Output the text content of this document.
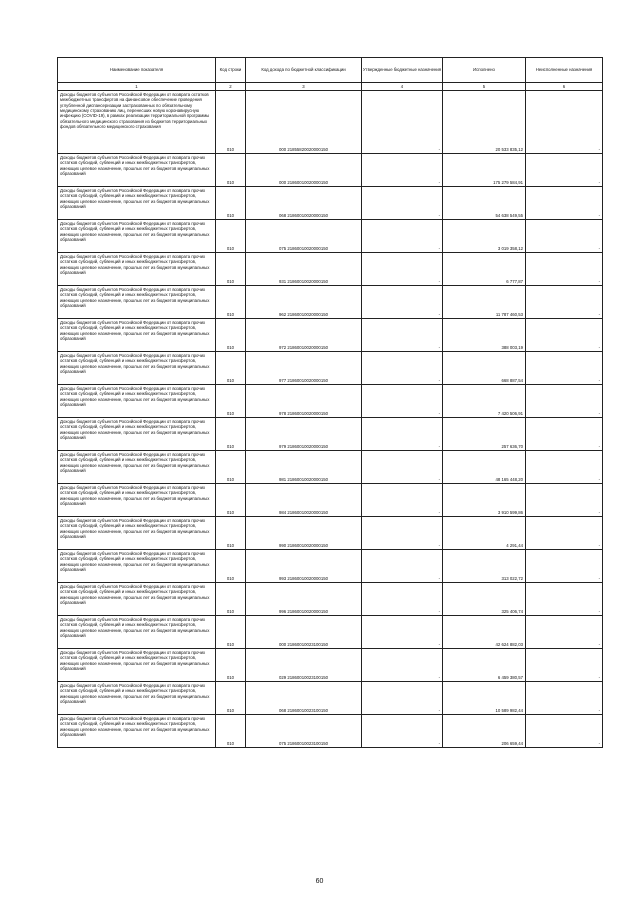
Наименование показателя	Код строки	Код дохода по бюджетной классификации	Утвержденные бюджетные назначения	Исполнено	Неисполненные назначения
1	2	3	4	5	6
Доходы бюджетов субъектов Российской Федерации от возврата остатков межбюджетных трансфертов на финансовое обеспечение проведения углубленной диспансеризации застрахованных по обязательному медицинскому страхованию лиц, перенесших новую коронавирусную инфекцию (COVID-19), в рамках реализации территориальной программы обязательного медицинского страхования из бюджетов территориальных фондов обязательного медицинского страхования	010	000 21855820020000150	-	20 533 835,12	-
Доходы бюджетов субъектов Российской Федерации от возврата прочих остатков субсидий, субвенций и иных межбюджетных трансфертов, имеющих целевое назначение, прошлых лет из бюджетов муниципальных образований	010	000 21860010020000150	-	175 279 584,91	-
Доходы бюджетов субъектов Российской Федерации от возврата прочих остатков субсидий, субвенций и иных межбюджетных трансфертов, имеющих целевое назначение, прошлых лет из бюджетов муниципальных образований	010	068 21860010020000150	-	54 638 549,55	-
Доходы бюджетов субъектов Российской Федерации от возврата прочих остатков субсидий, субвенций и иных межбюджетных трансфертов, имеющих целевое назначение, прошлых лет из бюджетов муниципальных образований	010	075 21860010020000150	-	3 019 358,12	-
Доходы бюджетов субъектов Российской Федерации от возврата прочих остатков субсидий, субвенций и иных межбюджетных трансфертов, имеющих целевое назначение, прошлых лет из бюджетов муниципальных образований	010	931 21860010020000150	-	6 777,87	-
Доходы бюджетов субъектов Российской Федерации от возврата прочих остатков субсидий, субвенций и иных межбюджетных трансфертов, имеющих целевое назначение, прошлых лет из бюджетов муниципальных образований	010	962 21860010020000150	-	11 787 460,53	-
Доходы бюджетов субъектов Российской Федерации от возврата прочих остатков субсидий, субвенций и иных межбюджетных трансфертов, имеющих целевое назначение, прошлых лет из бюджетов муниципальных образований	010	972 21860010020000150	-	388 003,19	-
Доходы бюджетов субъектов Российской Федерации от возврата прочих остатков субсидий, субвенций и иных межбюджетных трансфертов, имеющих целевое назначение, прошлых лет из бюджетов муниципальных образований	010	977 21860010020000150	-	668 887,54	-
Доходы бюджетов субъектов Российской Федерации от возврата прочих остатков субсидий, субвенций и иных межбюджетных трансфертов, имеющих целевое назначение, прошлых лет из бюджетов муниципальных образований	010	978 21860010020000150	-	7 420 506,91	-
Доходы бюджетов субъектов Российской Федерации от возврата прочих остатков субсидий, субвенций и иных межбюджетных трансфертов, имеющих целевое назначение, прошлых лет из бюджетов муниципальных образований	010	979 21860010020000150	-	257 636,70	-
Доходы бюджетов субъектов Российской Федерации от возврата прочих остатков субсидий, субвенций и иных межбюджетных трансфертов, имеющих целевое назначение, прошлых лет из бюджетов муниципальных образований	010	981 21860010020000150	-	48 165 448,20	-
Доходы бюджетов субъектов Российской Федерации от возврата прочих остатков субсидий, субвенций и иных межбюджетных трансфертов, имеющих целевое назначение, прошлых лет из бюджетов муниципальных образований	010	984 21860010020000150	-	3 910 599,86	-
Доходы бюджетов субъектов Российской Федерации от возврата прочих остатков субсидий, субвенций и иных межбюджетных трансфертов, имеющих целевое назначение, прошлых лет из бюджетов муниципальных образований	010	990 21860010020000150	-	4 291,44	-
Доходы бюджетов субъектов Российской Федерации от возврата прочих остатков субсидий, субвенций и иных межбюджетных трансфертов, имеющих целевое назначение, прошлых лет из бюджетов муниципальных образований	010	993 21860010020000150	-	313 022,72	-
Доходы бюджетов субъектов Российской Федерации от возврата прочих остатков субсидий, субвенций и иных межбюджетных трансфертов, имеющих целевое назначение, прошлых лет из бюджетов муниципальных образований	010	996 21860010020000150	-	325 406,74	-
Доходы бюджетов субъектов Российской Федерации от возврата прочих остатков субсидий, субвенций и иных межбюджетных трансфертов, имеющих целевое назначение, прошлых лет из бюджетов муниципальных образований	010	000 21860010023100150	-	42 624 882,03	-
Доходы бюджетов субъектов Российской Федерации от возврата прочих остатков субсидий, субвенций и иных межбюджетных трансфертов, имеющих целевое назначение, прошлых лет из бюджетов муниципальных образований	010	029 21860010023100150	-	6 459 380,57	-
Доходы бюджетов субъектов Российской Федерации от возврата прочих остатков субсидий, субвенций и иных межбюджетных трансфертов, имеющих целевое назначение, прошлых лет из бюджетов муниципальных образований	010	068 21860010023100150	-	10 589 982,44	-
Доходы бюджетов субъектов Российской Федерации от возврата прочих остатков субсидий, субвенций и иных межбюджетных трансфертов, имеющих целевое назначение, прошлых лет из бюджетов муниципальных образований	010	075 21860010023100150	-	206 659,44	-
60
